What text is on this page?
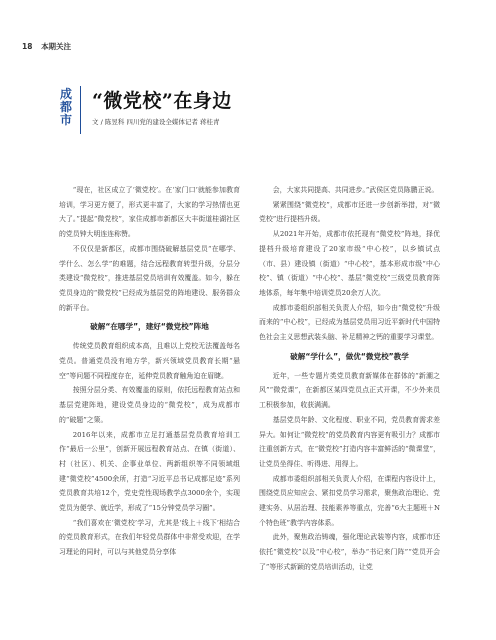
18 本期关注
成
都
市
“微党校”在身边
文 / 陈昱科 四川党的建设全媒体记者 蒋桂青

“现在，社区成立了‘微党校’。在‘家门口’就能参加教育培训，学习更方便了，形式更丰富了，大家的学习热情也更大了。”提起“微党校”，家住成都市新都区大丰街道桂湖社区的党员钟大明连连称赞。

不仅仅是新都区，成都市围绕破解基层党员“在哪学、学什么、怎么学”的难题，结合远程教育转型升级，分层分类建设“微党校”，推进基层党员培训有效覆盖。如今，躲在党员身边的“微党校”已经成为基层党的阵地建设、服务群众的新平台。

破解“在哪学”，建好“微党校”阵地

传统党员教育组织成本高，且难以上党校无法覆盖每名党员。普通党员没有地方学，新兴领域党员教育长期“悬空”等问题不同程度存在，延伸党员教育触角迫在眉睫。

按照分层分类、有效覆盖的原则，依托远程教育站点和基层党建阵地，建设党员身边的“微党校”，成为成都市的“破题”之策。

2016年以来，成都市立足打通基层党员教育培训工作“最后一公里”，创新开展远程教育站点、在镇（街道）、村（社区）、机关、企事业单位、两新组织等不同领域组建“微党校”4500余所，打造“习近平总书记成都足迹”系列党员教育共培12个，党史党性现场教学点3000余个，实现党员为便学、就近学，形成了“15分钟党员学习圈”。

“我们喜欢在‘微党校’学习，尤其是‘线上＋线下’相结合的党员教育形式，在我们年轻党员群体中非常受欢迎，在学习理论的同时，可以与其他党员分享体

会，大家共同提高、共同进步。”武侯区党员陈鹏正说。

紧紧围绕“微党校”，成都市还进一步创新举措，对“微党校”进行提档升级。

从2021年开始，成都市依托现有“微党校”阵地，择优提档升级培育建设了20家市级“中心校”，以乡镇试点（市、县）建设镇（街道）“中心校”，基本形成市级“中心校”、镇（街道）“中心校”、基层“微党校”三级党员教育阵地体系，每年集中培训党员20余万人次。

成都市委组织部相关负责人介绍，如今由“微党校”升级而来的“中心校”，已经成为基层党员用习近平新时代中国特色社会主义思想武装头脑、补足精神之钙的重要学习课堂。

破解“学什么”，做优“微党校”教学

近年，一些专题片类党员教育新媒体在群体的“新潮之风”“微党课”，在新都区某四党员点正式开课，不少外来员工积极参加，收获满满。

基层党员年龄、文化程度、职业不同，党员教育需求差异大。如何让“微党校”的党员教育内容更有吸引力？成都市注重创新方式，在“微党校”打造内容丰富鲜活的“微课堂”，让党员坐得住、听得进、用得上。

成都市委组织部相关负责人介绍，在课程内容设计上，围绕党员应知应会、紧扣党员学习需求，聚焦政治理论、党建实务、从居治理、技能素养等重点，完善“6大主题班＋N个特色班”教学内容体系。

此外，聚焦政治铸魂，强化理论武装等内容，成都市还依托“微党校”以及“中心校”，举办“书记来门阵”“党员开会了”等形式新颖的党员培训活动，让党
